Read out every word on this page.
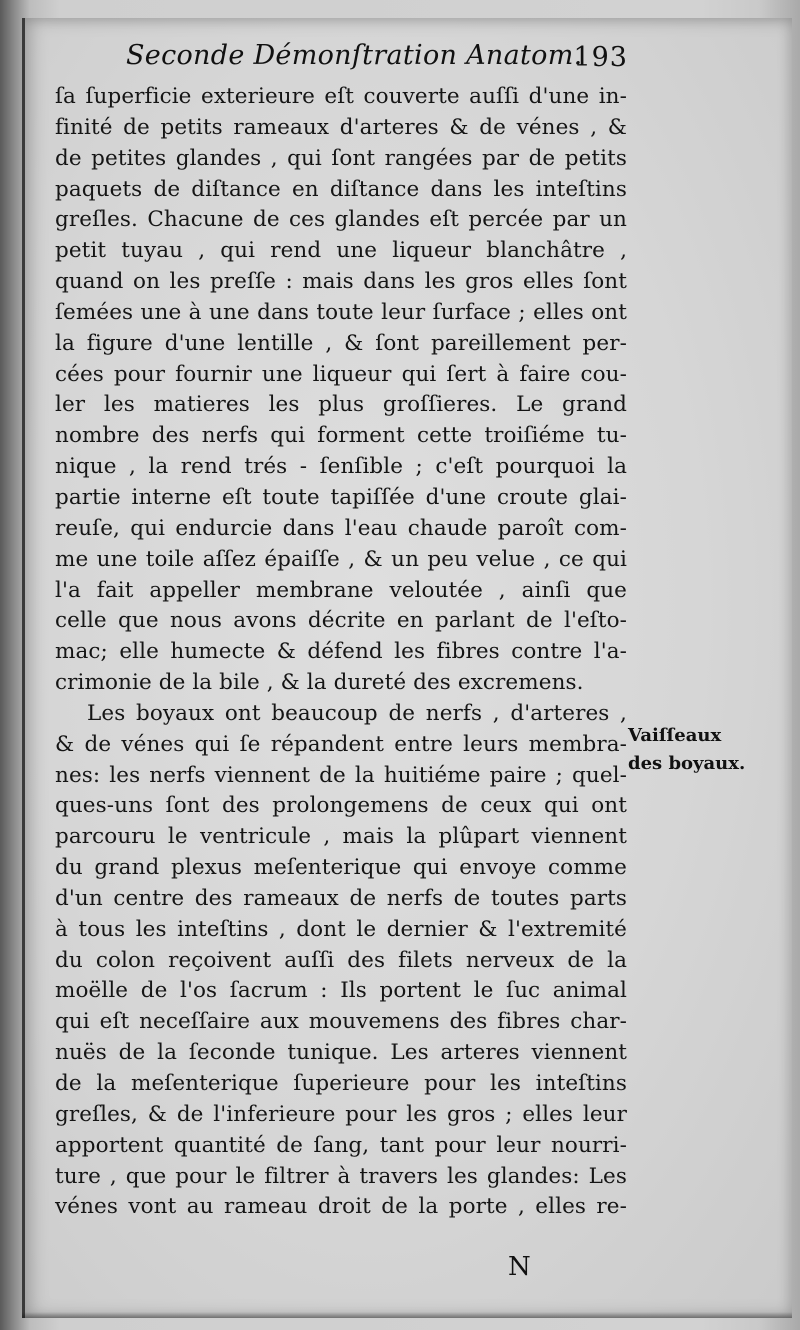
Seconde Démonſtration Anatom.
193
ſa ſuperficie exterieure eſt couverte auſſi d'une in-
finité de petits rameaux d'arteres & de vénes , &
de petites glandes , qui ſont rangées par de petits
paquets de diſtance en diſtance dans les inteſtins
greſles. Chacune de ces glandes eſt percée par un
petit tuyau , qui rend une liqueur blanchâtre ,
quand on les preſſe : mais dans les gros elles ſont
ſemées une à une dans toute leur ſurface ; elles ont
la figure d'une lentille , & ſont pareillement per-
cées pour fournir une liqueur qui ſert à faire cou-
ler les matieres les plus groſſieres. Le grand
nombre des nerfs qui forment cette troiſiéme tu-
nique , la rend trés - ſenſible ; c'eſt pourquoi la
partie interne eſt toute tapiſſée d'une croute glai-
reuſe, qui endurcie dans l'eau chaude paroît com-
me une toile aſſez épaiſſe , & un peu velue , ce qui
l'a fait appeller membrane veloutée , ainſi que
celle que nous avons décrite en parlant de l'eſto-
mac; elle humecte & défend les fibres contre l'a-
crimonie de la bile , & la dureté des excremens.
Les boyaux ont beaucoup de nerfs , d'arteres ,
& de vénes qui ſe répandent entre leurs membra-
nes: les nerfs viennent de la huitiéme paire ; quel-
ques-uns ſont des prolongemens de ceux qui ont
parcouru le ventricule , mais la plûpart viennent
du grand plexus meſenterique qui envoye comme
d'un centre des rameaux de nerfs de toutes parts
à tous les inteſtins , dont le dernier & l'extremité
du colon reçoivent auſſi des filets nerveux de la
moëlle de l'os ſacrum : Ils portent le ſuc animal
qui eſt neceſſaire aux mouvemens des fibres char-
nuës de la ſeconde tunique. Les arteres viennent
de la meſenterique ſuperieure pour les inteſtins
greſles, & de l'inferieure pour les gros ; elles leur
apportent quantité de ſang, tant pour leur nourri-
ture , que pour le filtrer à travers les glandes: Les
vénes vont au rameau droit de la porte , elles re-
Vaiſſeaux
des boyaux.
N
